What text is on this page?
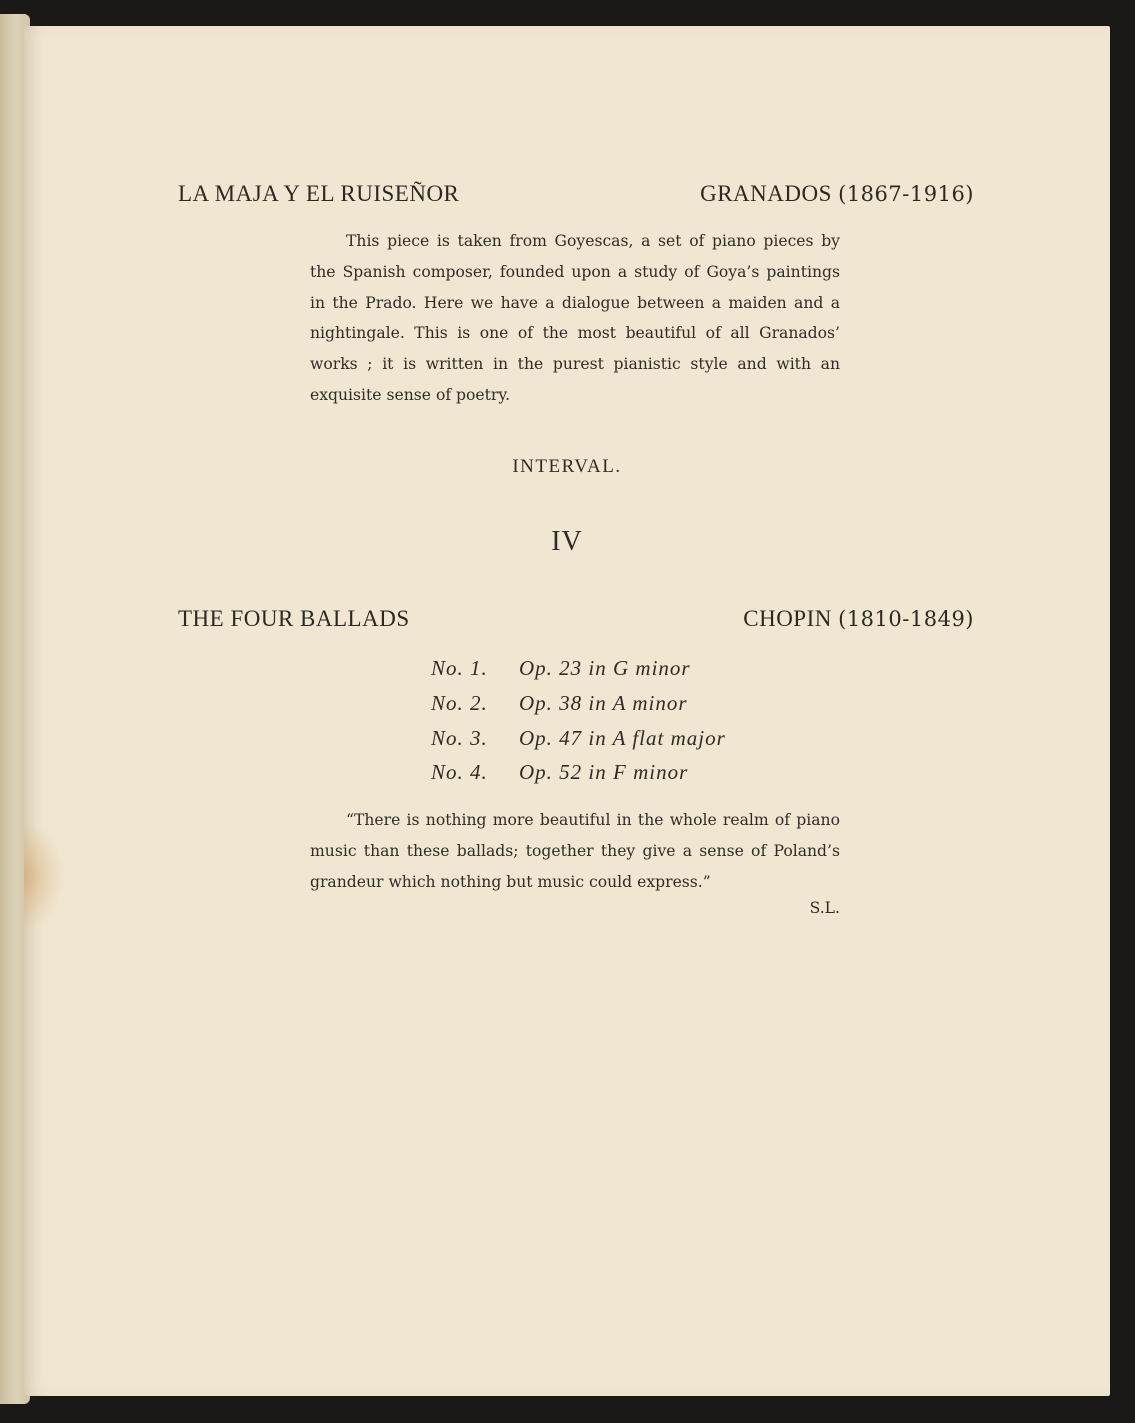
LA MAJA Y EL RUISEÑOR	GRANADOS (1867-1916)
This piece is taken from Goyescas, a set of piano pieces by the Spanish composer, founded upon a study of Goya’s paintings in the Prado. Here we have a dialogue between a maiden and a nightingale. This is one of the most beautiful of all Granados’ works ; it is written in the purest pianistic style and with an exquisite sense of poetry.
INTERVAL.
IV
THE FOUR BALLADS	CHOPIN (1810-1849)
No. 1.	Op. 23 in G minor
No. 2.	Op. 38 in A minor
No. 3.	Op. 47 in A flat major
No. 4.	Op. 52 in F minor
“There is nothing more beautiful in the whole realm of piano music than these ballads; together they give a sense of Poland’s grandeur which nothing but music could express.”
S.L.
